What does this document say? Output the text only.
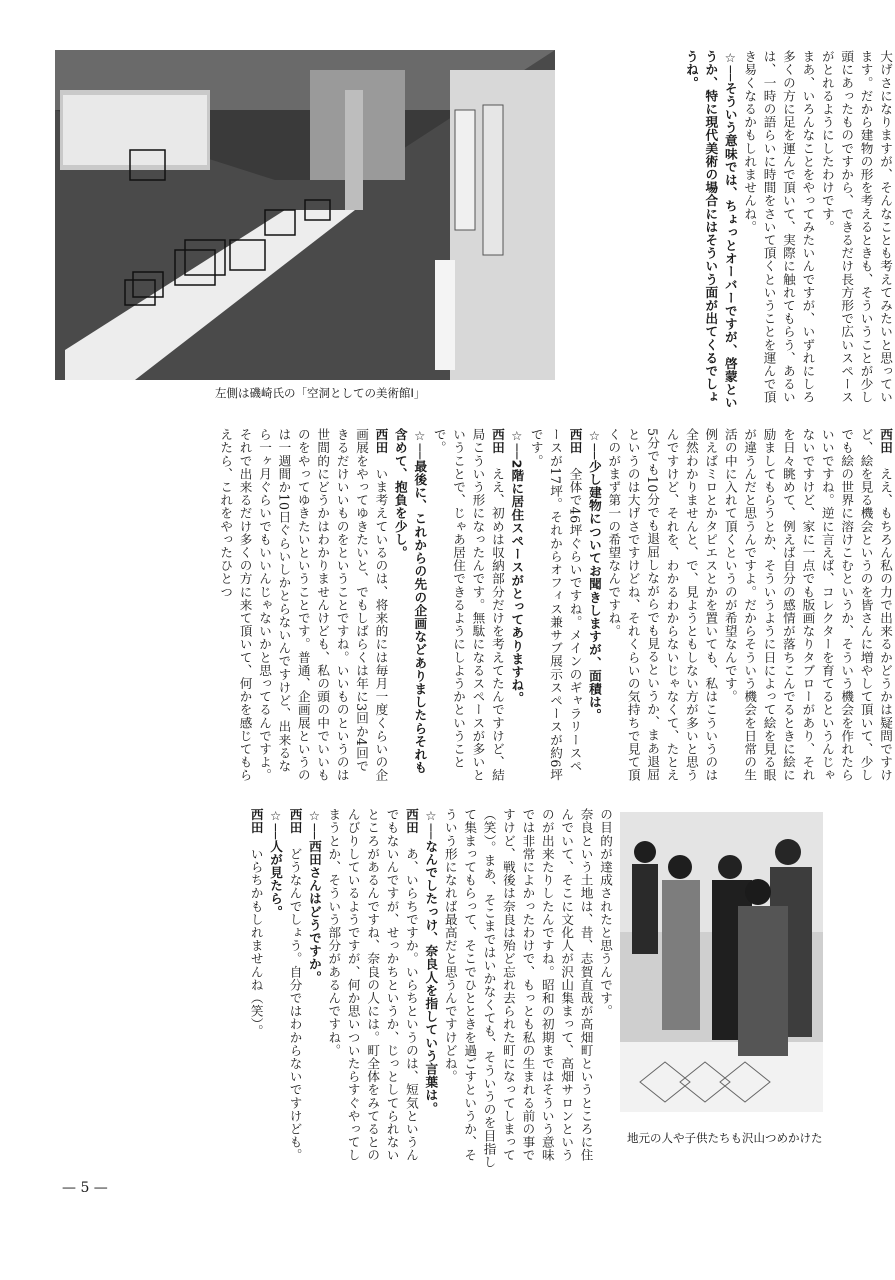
左側は磯崎氏の「空洞としての美術館Ⅰ」	大げさになりますが、そんなことも考えてみたいと思っています。だから建物の形を考えるときも、そういうことが少し頭にあったものですから、できるだけ長方形で広いスペースがとれるようにしたわけです。

まあ、いろんなことをやってみたいんですが、いずれにしろ多くの方に足を運んで頂いて、実際に触れてもらう、あるいは、一時の語らいに時間をさいて頂くということを運んで頂き易くなるかもしれませんね。

☆──そういう意味では、ちょっとオーバーですが、啓蒙というか、特に現代美術の場合にはそういう面が出てくるでしょうね。

西田　ええ、もちろん私の力で出来るかどうかは疑問ですけど、絵を見る機会というのを皆さんに増やして頂いて、少しでも絵の世界に溶けこむというか、そういう機会を作れたらいいですね。逆に言えば、コレクターを育てるというんじゃないですけど、家に一点でも版画なりタブローがあり、それを日々眺めて、例えば自分の感情が落ちこんでるときに絵に励ましてもらうとか、そういうように日によって絵を見る眼が違うんだと思うんですよ。だからそういう機会を日常の生活の中に入れて頂くというのが希望なんです。

例えばミロとかタピエスとかを置いても、私はこういうのは全然わかりませんと、で、見ようともしない方が多いと思うんですけど、それを、わかるわからないじゃなくて、たとえ5分でも10分でも退屈しながらでも見るというか、まあ退屈というのは大げさですけどね、それくらいの気持ちで見て頂くのがまず第一の希望なんですね。

☆──少し建物についてお聞きしますが、面積は。

西田　全体で46坪ぐらいですね。メインのギャラリースペースが17坪。それからオフィス兼サブ展示スペースが約6坪です。

☆──2階に居住スペースがとってありますね。

西田　ええ、初めは収納部分だけを考えてたんですけど、結局こういう形になったんです。無駄になるスペースが多いということで、じゃあ居住できるようにしようかということで。

☆──最後に、これからの先の企画などありましたらそれも含めて、抱負を少し。

西田　いま考えているのは、将来的には毎月一度くらいの企画展をやってゆきたいと、でもしばらくは年に3回か4回できるだけいいものをということですね。いいものというのは世間的にどうかはわかりませんけども、私の頭の中でいいものをやってゆきたいということです。普通、企画展というのは一週間か10日ぐらいしかとらないんですけど、出来るなら一ヶ月ぐらいでもいいんじゃないかと思ってるんですよ。それで出来るだけ多くの方に来て頂いて、何かを感じてもらえたら、これをやったひとつ

の目的が達成されたと思うんです。

奈良という土地は、昔、志賀直哉が高畑町というところに住んでいて、そこに文化人が沢山集まって、高畑サロンというのが出来たりしたんですね。昭和の初期まではそういう意味では非常によかったわけで、もっとも私の生まれる前の事ですけど、戦後は奈良は殆ど忘れ去られた町になってしまって（笑）。まあ、そこまではいかなくても、そういうのを目指して集まってもらって、そこでひとときを過ごすというか、そういう形になれば最高だと思うんですけどね。

☆──なんでしたっけ、奈良人を指していう言葉は。

西田　あ、いらちですか。いらちというのは、短気というんでもないんですが、せっかちというか、じっとしてられないところがあるんですね、奈良の人には。町全体をみてるとのんびりしているようですが、何か思いついたらすぐやってしまうとか、そういう部分があるんですね。

☆──西田さんはどうですか。

西田　どうなんでしょう。自分ではわからないですけども。

☆──人が見たら。

西田　いらちかもしれませんね（笑）。

地元の人や子供たちも沢山つめかけた
— 5 —
